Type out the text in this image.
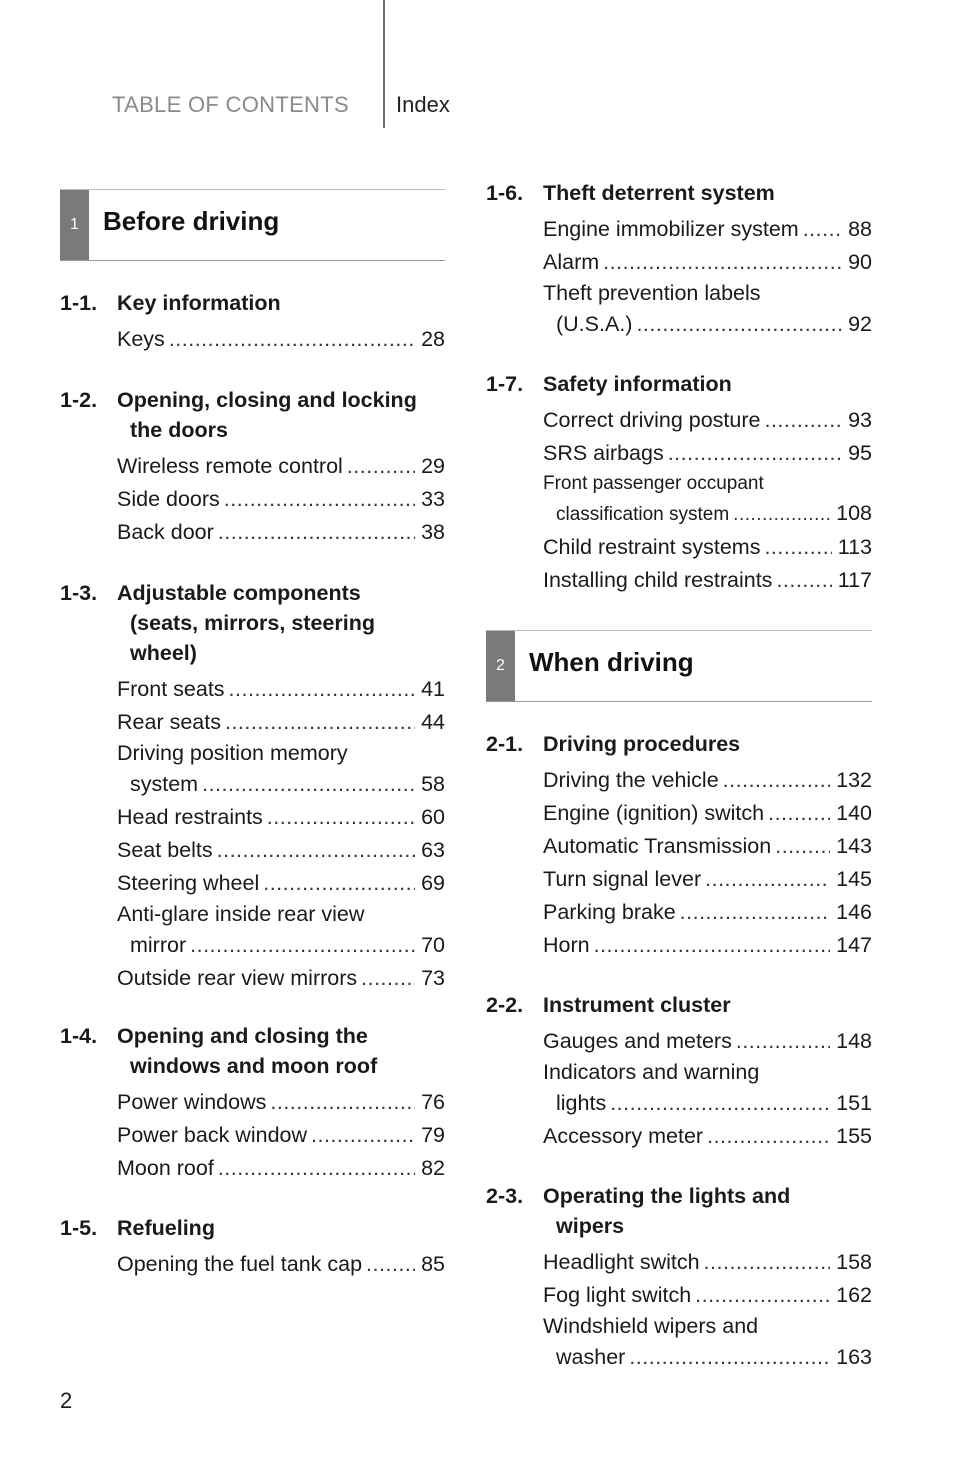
TABLE OF CONTENTS Index
1 Before driving
1-1. Key information
Keys .....	28
1-2. Opening, closing and locking
the doors
Wireless remote control .....	29
Side doors .....	33
Back door .....	38
1-3. Adjustable components
(seats, mirrors, steering
wheel)
Front seats .....	41
Rear seats .....	44
Driving position memory
system .....	58
Head restraints .....	60
Seat belts .....	63
Steering wheel .....	69
Anti-glare inside rear view
mirror .....	70
Outside rear view mirrors .....	73
1-4. Opening and closing the
windows and moon roof
Power windows .....	76
Power back window .....	79
Moon roof .....	82
1-5. Refueling
Opening the fuel tank cap .....	85
1-6. Theft deterrent system
Engine immobilizer system ..... 88
Alarm .....	90
Theft prevention labels
(U.S.A.) .....	92
1-7. Safety information
Correct driving posture .....	93
SRS airbags .....	95
Front passenger occupant
classification system .....	108
Child restraint systems .....	113
Installing child restraints .....	117
2 When driving
2-1. Driving procedures
Driving the vehicle .....	132
Engine (ignition) switch .....	140
Automatic Transmission .....	143
Turn signal lever .....	145
Parking brake .....	146
Horn .....	147
2-2. Instrument cluster
Gauges and meters .....	148
Indicators and warning
lights .....	151
Accessory meter .....	155
2-3. Operating the lights and
wipers
Headlight switch .....	158
Fog light switch .....	162
Windshield wipers and
washer .....	163
2
